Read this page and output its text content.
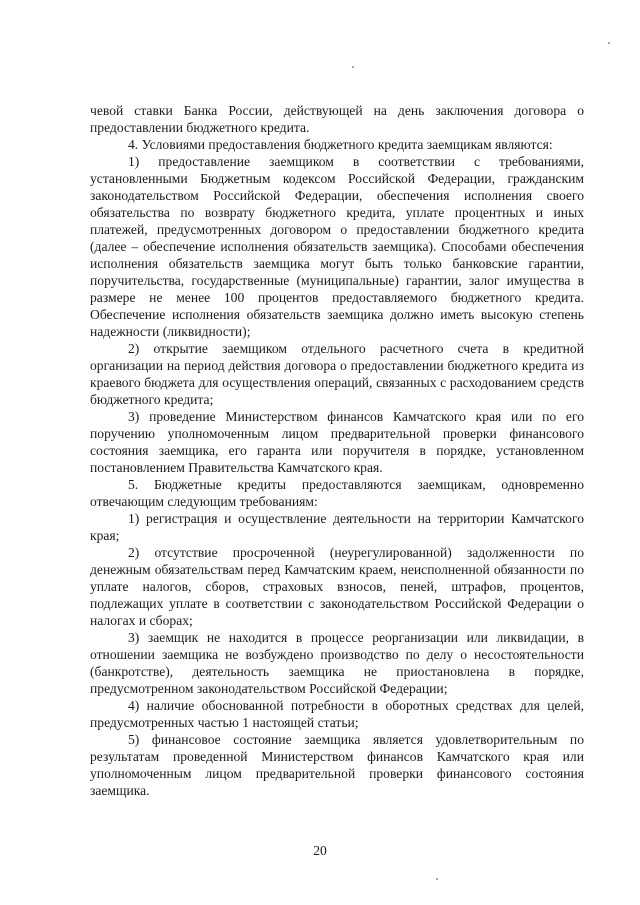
чевой ставки Банка России, действующей на день заключения договора о предоставлении бюджетного кредита.

4. Условиями предоставления бюджетного кредита заемщикам являются:

1) предоставление заемщиком в соответствии с требованиями, установленными Бюджетным кодексом Российской Федерации, гражданским законодательством Российской Федерации, обеспечения исполнения своего обязательства по возврату бюджетного кредита, уплате процентных и иных платежей, предусмотренных договором о предоставлении бюджетного кредита (далее – обеспечение исполнения обязательств заемщика). Способами обеспечения исполнения обязательств заемщика могут быть только банковские гарантии, поручительства, государственные (муниципальные) гарантии, залог имущества в размере не менее 100 процентов предоставляемого бюджетного кредита. Обеспечение исполнения обязательств заемщика должно иметь высокую степень надежности (ликвидности);

2) открытие заемщиком отдельного расчетного счета в кредитной организации на период действия договора о предоставлении бюджетного кредита из краевого бюджета для осуществления операций, связанных с расходованием средств бюджетного кредита;

3) проведение Министерством финансов Камчатского края или по его поручению уполномоченным лицом предварительной проверки финансового состояния заемщика, его гаранта или поручителя в порядке, установленном постановлением Правительства Камчатского края.

5. Бюджетные кредиты предоставляются заемщикам, одновременно отвечающим следующим требованиям:

1) регистрация и осуществление деятельности на территории Камчатского края;

2) отсутствие просроченной (неурегулированной) задолженности по денежным обязательствам перед Камчатским краем, неисполненной обязанности по уплате налогов, сборов, страховых взносов, пеней, штрафов, процентов, подлежащих уплате в соответствии с законодательством Российской Федерации о налогах и сборах;

3) заемщик не находится в процессе реорганизации или ликвидации, в отношении заемщика не возбуждено производство по делу о несостоятельности (банкротстве), деятельность заемщика не приостановлена в порядке, предусмотренном законодательством Российской Федерации;

4) наличие обоснованной потребности в оборотных средствах для целей, предусмотренных частью 1 настоящей статьи;

5) финансовое состояние заемщика является удовлетворительным по результатам проведенной Министерством финансов Камчатского края или уполномоченным лицом предварительной проверки финансового состояния заемщика.

20
